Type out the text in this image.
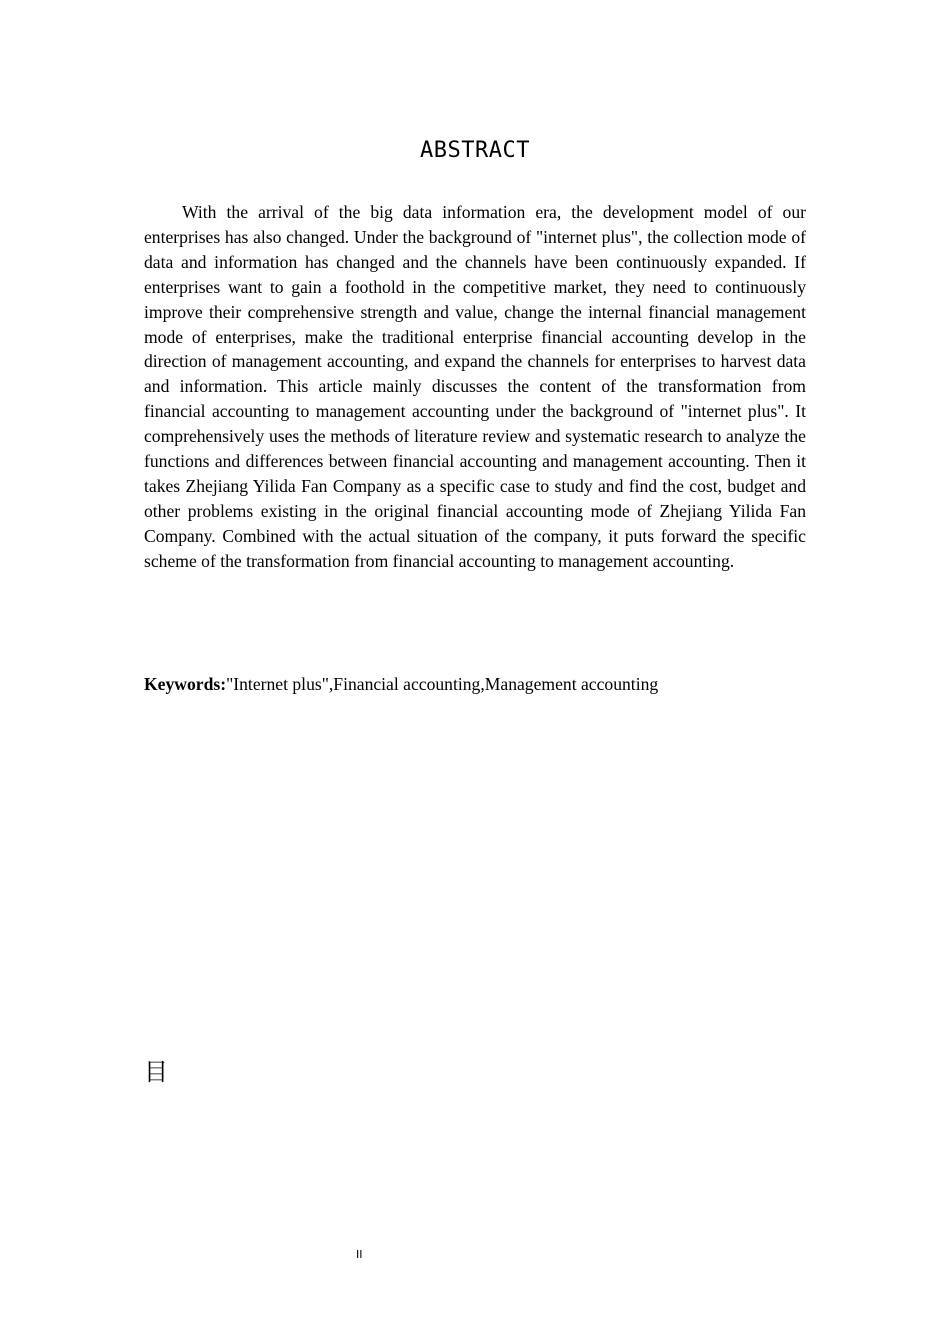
ABSTRACT

With the arrival of the big data information era, the development model of our enterprises has also changed. Under the background of "internet plus", the collection mode of data and information has changed and the channels have been continuously expanded. If enterprises want to gain a foothold in the competitive market, they need to continuously improve their comprehensive strength and value, change the internal financial management mode of enterprises, make the traditional enterprise financial accounting develop in the direction of management accounting, and expand the channels for enterprises to harvest data and information. This article mainly discusses the content of the transformation from financial accounting to management accounting under the background of "internet plus". It comprehensively uses the methods of literature review and systematic research to analyze the functions and differences between financial accounting and management accounting. Then it takes Zhejiang Yilida Fan Company as a specific case to study and find the cost, budget and other problems existing in the original financial accounting mode of Zhejiang Yilida Fan Company. Combined with the actual situation of the company, it puts forward the specific scheme of the transformation from financial accounting to management accounting.

Keywords:"Internet plus",Financial accounting,Management accounting
目
II
